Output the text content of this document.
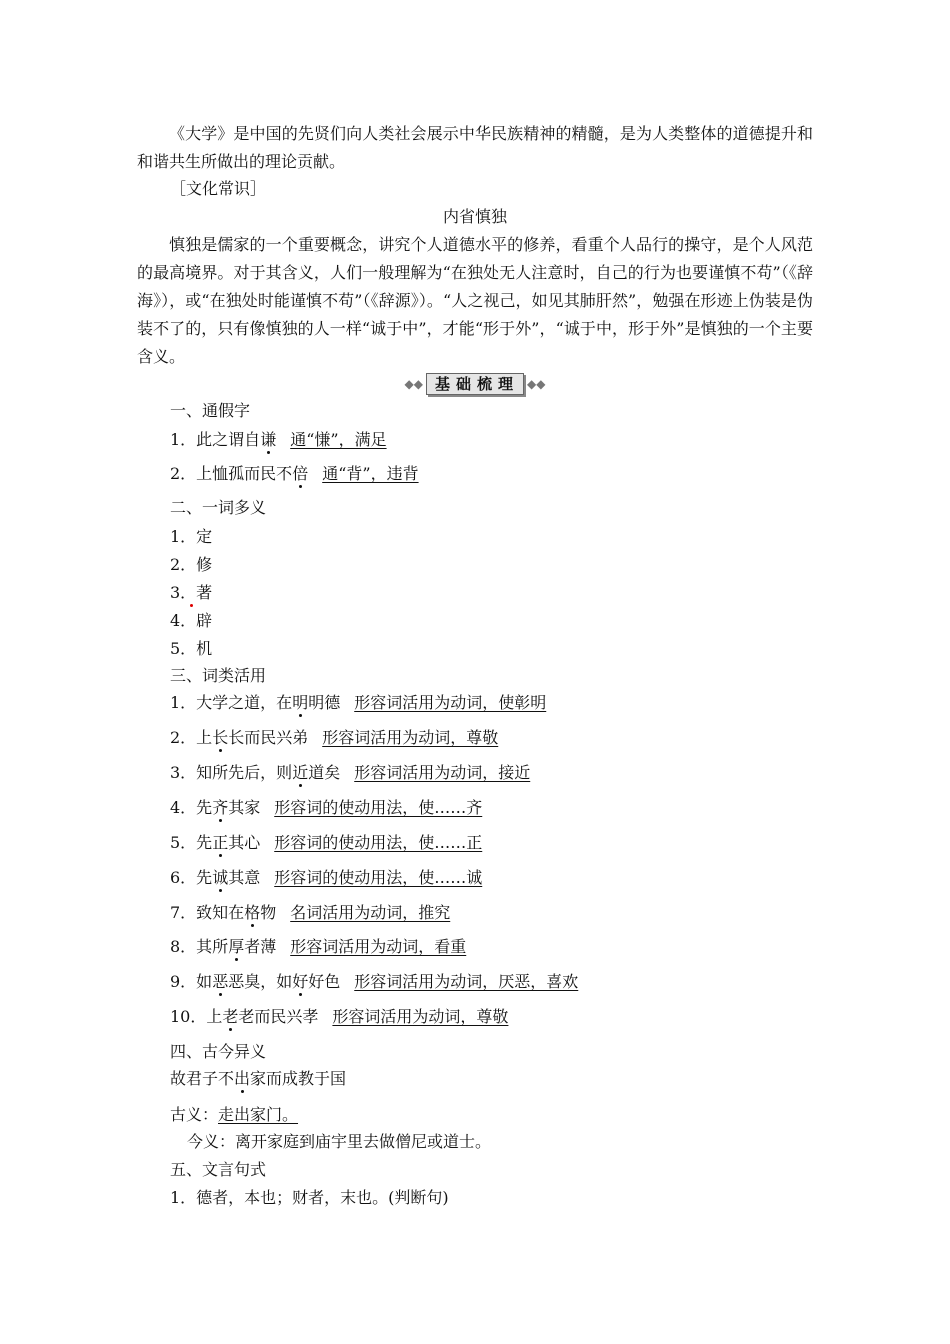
《大学》是中国的先贤们向人类社会展示中华民族精神的精髓，是为人类整体的道德提升和和谐共生所做出的理论贡献。

［文化常识］
内省慎独

慎独是儒家的一个重要概念，讲究个人道德水平的修养，看重个人品行的操守，是个人风范的最高境界。对于其含义，人们一般理解为“在独处无人注意时，自己的行为也要谨慎不苟”（《辞海》），或“在独处时能谨慎不苟”（《辞源》）。“人之视己，如见其肺肝然”，勉强在形迹上伪装是伪装不了的，只有像慎独的人一样“诚于中”，才能“形于外”，“诚于中，形于外”是慎独的一个主要含义。

◆◆ 基础梳理 ◆◆
一、通假字
1．此之谓自谦 通“慊”，满足
2．上恤孤而民不倍 通“背”，违背
二、一词多义
1．定
2．修
3．著
4．辟
5．机
三、词类活用
1．大学之道，在明明德 形容词活用为动词，使彰明
2．上长长而民兴弟 形容词活用为动词，尊敬
3．知所先后，则近道矣 形容词活用为动词，接近
4．先齐其家 形容词的使动用法，使……齐
5．先正其心 形容词的使动用法，使……正
6．先诚其意 形容词的使动用法，使……诚
7．致知在格物 名词活用为动词，推究
8．其所厚者薄 形容词活用为动词，看重
9．如恶恶臭，如好好色 形容词活用为动词，厌恶，喜欢
10．上老老而民兴孝 形容词活用为动词，尊敬
四、古今异义
故君子不出家而成教于国
古义：走出家门。
今义：离开家庭到庙宇里去做僧尼或道士。
五、文言句式
1．德者，本也；财者，末也。(判断句)
